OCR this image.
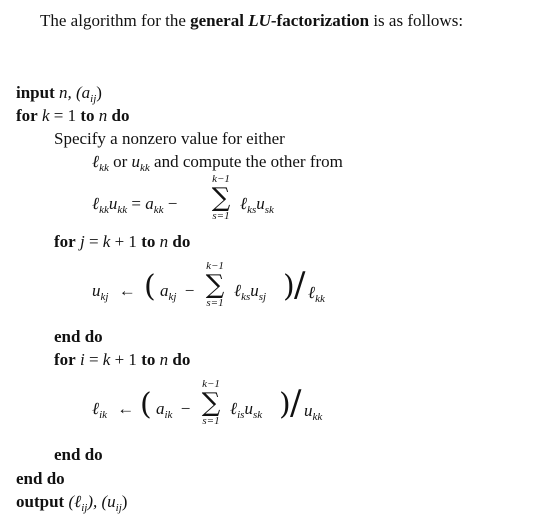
The algorithm for the general LU-factorization is as follows:
input n, $(a_{ij})$
for k = 1 to n do
Specify a nonzero value for either
ℓ$_{kk}$ or $u_{kk}$ and compute the other from
$\ell_{kk}u_{kk} = a_{kk}$ −
k−1
∑
s=1
$\ell_{ks}u_{sk}$
for j = k + 1 to n do
$u_{kj}$ ← ( $a_{kj}$ −
k−1
∑
s=1
$\ell_{ks}u_{sj}$ ) / ℓ$_{kk}$
end do
for i = k + 1 to n do
ℓ$_{ik}$ ← ( $a_{ik}$ −
k−1
∑
s=1
$\ell_{is}u_{sk}$ ) / $u_{kk}$
end do
end do
output (ℓ$_{ij}$), $(u_{ij})$
